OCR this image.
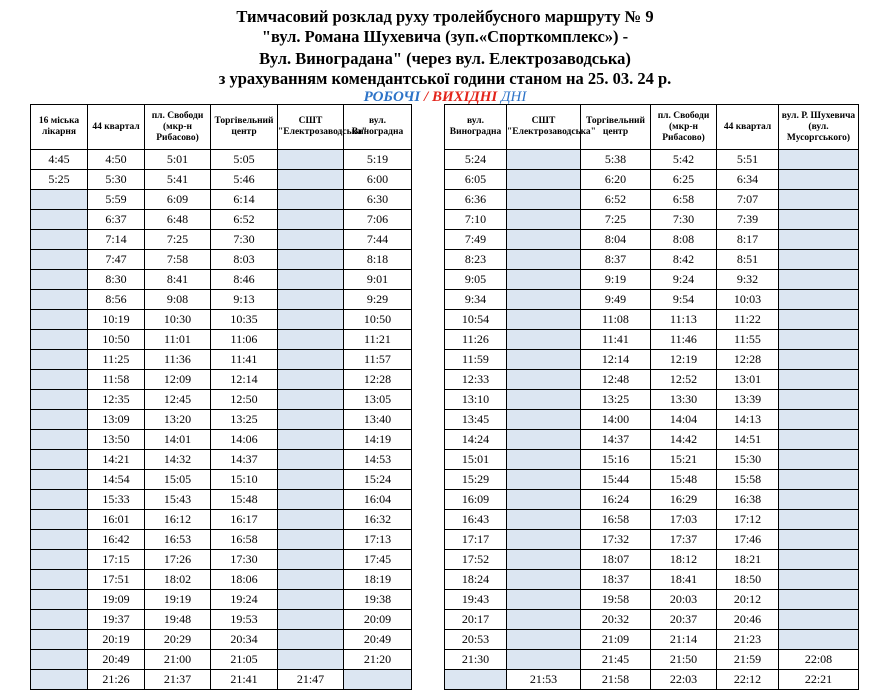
Тимчасовий розклад руху тролейбусного маршруту № 9
"вул. Романа Шухевича (зуп.«Спорткомплекс») -
Вул. Виноградана" (через вул. Електрозаводська)
з урахуванням комендантської години станом на 25. 03. 24 р.
РОБОЧІ / ВИХІДНІ ДНІ
16 міська лікарня	44 квартал	пл. Свободи (мкр-н Рибасово)	Торгівельний центр	СШТ "Електрозаводська"	вул. Виноградна
4:45	4:50	5:01	5:05		5:19
5:25	5:30	5:41	5:46		6:00
	5:59	6:09	6:14		6:30
	6:37	6:48	6:52		7:06
	7:14	7:25	7:30		7:44
	7:47	7:58	8:03		8:18
	8:30	8:41	8:46		9:01
	8:56	9:08	9:13		9:29
	10:19	10:30	10:35		10:50
	10:50	11:01	11:06		11:21
	11:25	11:36	11:41		11:57
	11:58	12:09	12:14		12:28
	12:35	12:45	12:50		13:05
	13:09	13:20	13:25		13:40
	13:50	14:01	14:06		14:19
	14:21	14:32	14:37		14:53
	14:54	15:05	15:10		15:24
	15:33	15:43	15:48		16:04
	16:01	16:12	16:17		16:32
	16:42	16:53	16:58		17:13
	17:15	17:26	17:30		17:45
	17:51	18:02	18:06		18:19
	19:09	19:19	19:24		19:38
	19:37	19:48	19:53		20:09
	20:19	20:29	20:34		20:49
	20:49	21:00	21:05		21:20
	21:26	21:37	21:41	21:47	
вул. Виноградна	СШТ "Електрозаводська"	Торгівельний центр	пл. Свободи (мкр-н Рибасово)	44 квартал	вул. Р. Шухевича (вул. Мусоргського)
5:24		5:38	5:42	5:51	
6:05		6:20	6:25	6:34	
6:36		6:52	6:58	7:07	
7:10		7:25	7:30	7:39	
7:49		8:04	8:08	8:17	
8:23		8:37	8:42	8:51	
9:05		9:19	9:24	9:32	
9:34		9:49	9:54	10:03	
10:54		11:08	11:13	11:22	
11:26		11:41	11:46	11:55	
11:59		12:14	12:19	12:28	
12:33		12:48	12:52	13:01	
13:10		13:25	13:30	13:39	
13:45		14:00	14:04	14:13	
14:24		14:37	14:42	14:51	
15:01		15:16	15:21	15:30	
15:29		15:44	15:48	15:58	
16:09		16:24	16:29	16:38	
16:43		16:58	17:03	17:12	
17:17		17:32	17:37	17:46	
17:52		18:07	18:12	18:21	
18:24		18:37	18:41	18:50	
19:43		19:58	20:03	20:12	
20:17		20:32	20:37	20:46	
20:53		21:09	21:14	21:23	
21:30		21:45	21:50	21:59	22:08
	21:53	21:58	22:03	22:12	22:21
